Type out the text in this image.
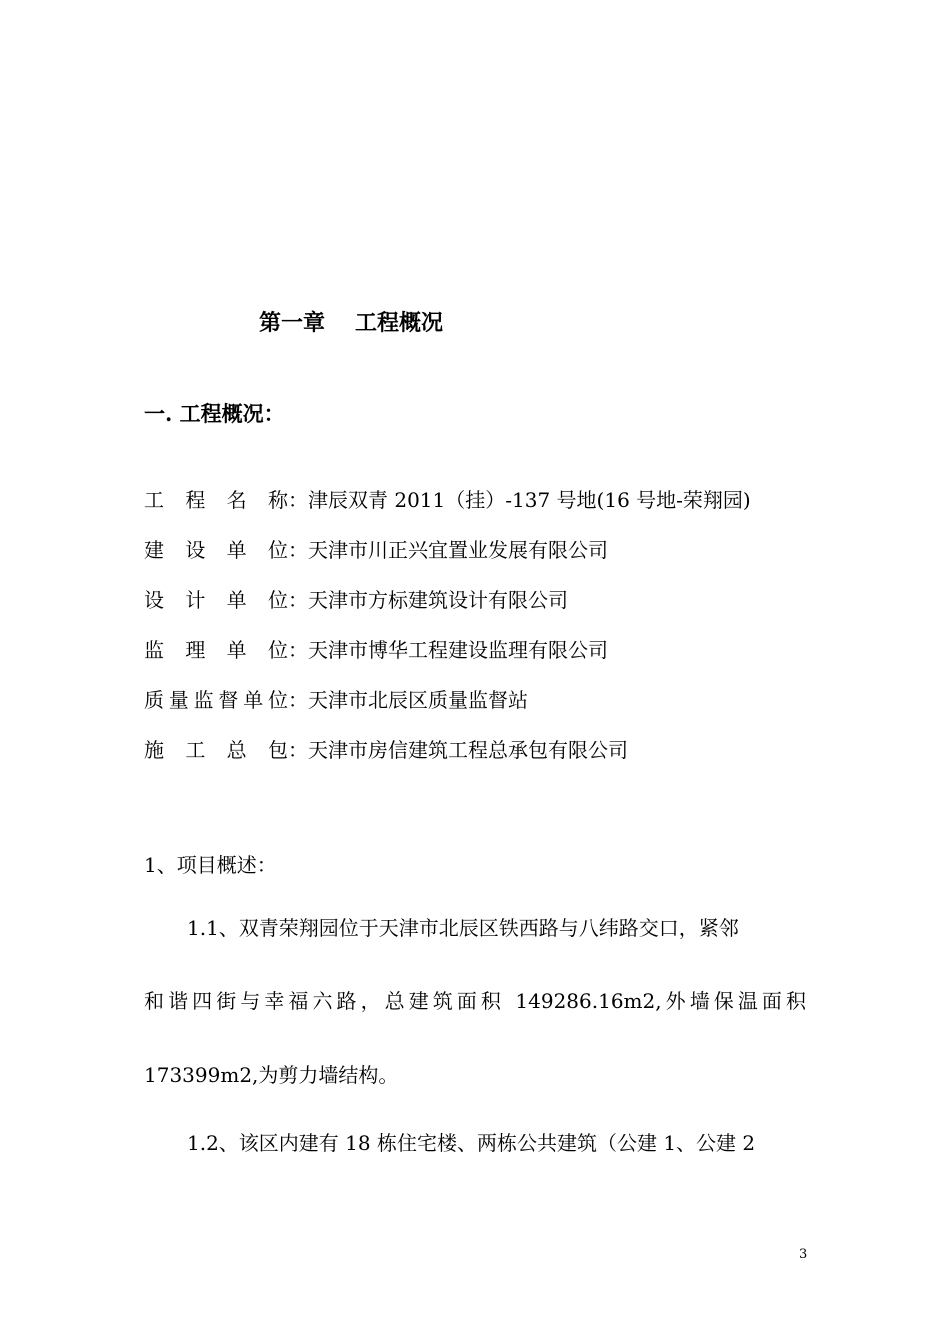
第一章 工程概况
一. 工程概况：
工 程 名 称 ：津辰双青 2011（挂）-137 号地(16 号地-荣翔园)
建 设 单 位 ：天津市川正兴宜置业发展有限公司
设 计 单 位 ：天津市方标建筑设计有限公司
监 理 单 位 ：天津市博华工程建设监理有限公司
质 量 监 督 单 位 ：天津市北辰区质量监督站
施 工 总 包 ：天津市房信建筑工程总承包有限公司
1、项目概述：
1.1、双青荣翔园位于天津市北辰区铁西路与八纬路交口，紧邻
和谐四街与幸福六路，总建筑面积 149286.16m2,外墙保温面积
173399m2,为剪力墙结构。
1.2、该区内建有 18 栋住宅楼、两栋公共建筑（公建 1、公建 2
3
